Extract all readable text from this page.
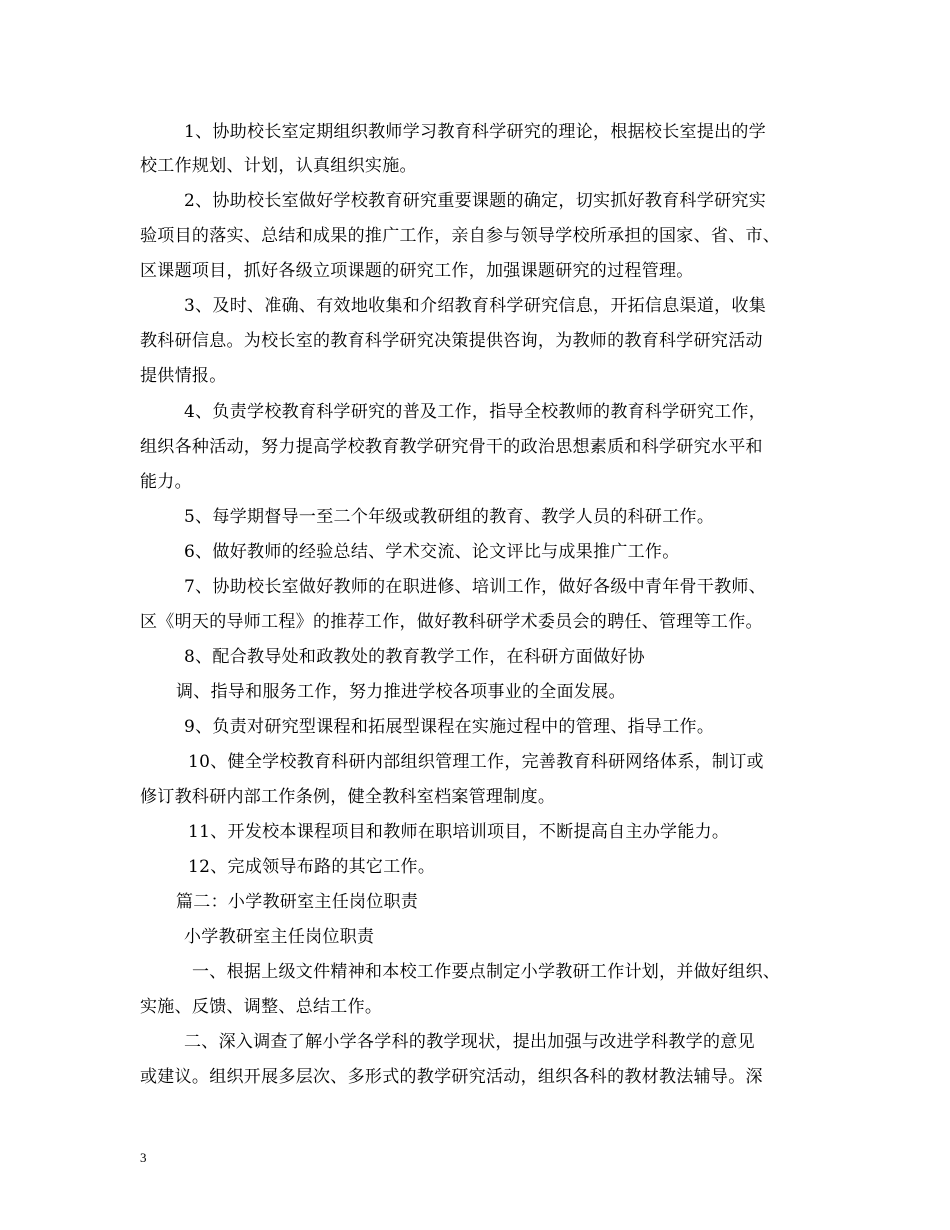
1、协助校长室定期组织教师学习教育科学研究的理论，根据校长室提出的学
校工作规划、计划，认真组织实施。
2、协助校长室做好学校教育研究重要课题的确定，切实抓好教育科学研究实
验项目的落实、总结和成果的推广工作，亲自参与领导学校所承担的国家、省、市、
区课题项目，抓好各级立项课题的研究工作，加强课题研究的过程管理。
3、及时、准确、有效地收集和介绍教育科学研究信息，开拓信息渠道，收集
教科研信息。为校长室的教育科学研究决策提供咨询，为教师的教育科学研究活动
提供情报。
4、负责学校教育科学研究的普及工作，指导全校教师的教育科学研究工作，
组织各种活动，努力提高学校教育教学研究骨干的政治思想素质和科学研究水平和
能力。
5、每学期督导一至二个年级或教研组的教育、教学人员的科研工作。
6、做好教师的经验总结、学术交流、论文评比与成果推广工作。
7、协助校长室做好教师的在职进修、培训工作，做好各级中青年骨干教师、
区《明天的导师工程》的推荐工作，做好教科研学术委员会的聘任、管理等工作。
8、配合教导处和政教处的教育教学工作，在科研方面做好协
调、指导和服务工作，努力推进学校各项事业的全面发展。
9、负责对研究型课程和拓展型课程在实施过程中的管理、指导工作。
10、健全学校教育科研内部组织管理工作，完善教育科研网络体系，制订或
修订教科研内部工作条例，健全教科室档案管理制度。
11、开发校本课程项目和教师在职培训项目，不断提高自主办学能力。
12、完成领导布路的其它工作。
篇二：小学教研室主任岗位职责
小学教研室主任岗位职责
一、根据上级文件精神和本校工作要点制定小学教研工作计划，并做好组织、
实施、反馈、调整、总结工作。
二、深入调查了解小学各学科的教学现状，提出加强与改进学科教学的意见
或建议。组织开展多层次、多形式的教学研究活动，组织各科的教材教法辅导。深
3
